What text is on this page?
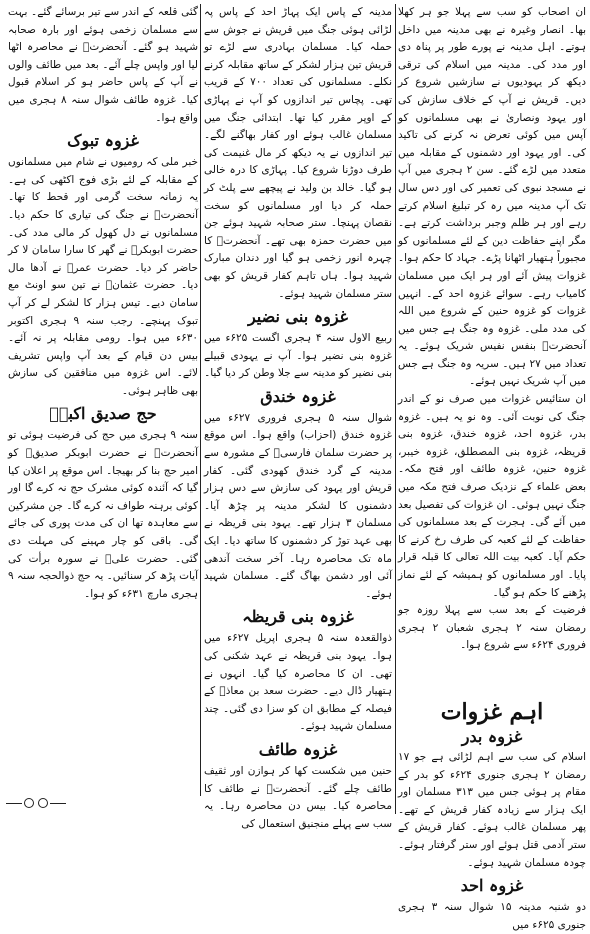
ان اصحاب کو سب سے پہلا جو ہر کھلا بھا۔ انصار وغیرہ نے بھی مدینہ میں داخل ہوتے۔ اہل مدینہ نے پورے طور پر پناہ دی اور مدد کی۔ مدینہ میں اسلام کی ترقی دیکھ کر یہودیوں نے سازشیں شروع کر دیں۔ قریش نے آپ کے خلاف سازش کی اور یہود ونصاریٰ نے بھی مسلمانوں کو آپس میں کوئی تعرض نہ کرنے کی تاکید کی۔ اور یہود اور دشمنوں کے مقابلہ میں متعدد میں لڑے گئے۔ سن ۲ ہجری میں آپ نے مسجد نبوی کی تعمیر کی اور دس سال تک آپ مدینہ میں رہ کر تبلیغ اسلام کرتے رہے اور ہر ظلم وجبر برداشت کرتے ہے۔ مگر اپنے حفاظت دین کے لئے مسلمانوں کو مجبوراً ہتھیار اٹھانا پڑے۔ جہاد کا حکم ہوا۔ غزوات پیش آئے اور ہر ایک میں مسلمان کامیاب رہے۔ سوائے غزوہ احد کے۔ انہیں غزوات کو غزوہ حنین کے شروع میں اللہ کی مدد ملی۔ غزوہ وہ جنگ ہے جس میں آنحضرتؐ بنفس نفیس شریک ہوئے۔ یہ تعداد میں ۲۷ ہیں۔ سریہ وہ جنگ ہے جس میں آپ شریک نہیں ہوئے۔

ان ستائیس غزوات میں صرف نو کے اندر جنگ کی نوبت آئی۔ وہ نو یہ ہیں۔ غزوہ بدر، غزوہ احد، غزوہ خندق، غزوہ بنی قریظہ، غزوہ بنی المصطلق، غزوہ خیبر، غزوہ حنین، غزوہ طائف اور فتح مکہ۔ بعض علماء کے نزدیک صرف فتح مکہ میں جنگ نہیں ہوئی۔ ان غزوات کی تفصیل بعد میں آئے گی۔ ہجرت کے بعد مسلمانوں کی حفاظت کے لئے کعبہ کی طرف رخ کرنے کا حکم آیا۔ کعبہ بیت اللہ تعالی کا قبلہ قرار پایا۔ اور مسلمانوں کو ہمیشہ کے لئے نماز پڑھنے کا حکم ہو گیا۔

فرضیت کے بعد سب سے پہلا روزہ جو رمضان سنہ ۲ ہجری شعبان ۲ ہجری فروری ۶۲۴ء سے شروع ہوا۔

اہم غزوات
غزوہ بدر

اسلام کی سب سے اہم لڑائی ہے جو ۱۷ رمضان ۲ ہجری جنوری ۶۲۴ء کو بدر کے مقام پر ہوئی جس میں ۳۱۳ مسلمان اور ایک ہزار سے زیادہ کفار قریش کے تھے۔ پھر مسلمان غالب ہوئے۔ کفار قریش کے ستر آدمی قتل ہوئے اور ستر گرفتار ہوئے۔ چودہ مسلمان شہید ہوئے۔

غزوہ احد

دو شنبہ مدینہ ۱۵ شوال سنہ ۳ ہجری جنوری ۶۲۵ء میں

مدینہ کے پاس ایک پہاڑ احد کے پاس پہ لڑائی ہوئی جنگ میں قریش نے جوش سے حملہ کیا۔ مسلمان بہادری سے لڑے تو قریش تین ہزار لشکر کے ساتھ مقابلہ کرنے نکلے۔ مسلمانوں کی تعداد ۷۰۰ کے قریب تھی۔ پچاس تیر اندازوں کو آپ نے پہاڑی کے اوپر مقرر کیا تھا۔ ابتدائی جنگ میں مسلمان غالب ہوئے اور کفار بھاگنے لگے۔ تیر اندازوں نے یہ دیکھ کر مال غنیمت کی طرف دوڑنا شروع کیا۔ پہاڑی کا درہ خالی ہو گیا۔ خالد بن ولید نے پیچھے سے پلٹ کر حملہ کر دیا اور مسلمانوں کو سخت نقصان پہنچا۔ ستر صحابہ شہید ہوئے جن میں حضرت حمزہ بھی تھے۔ آنحضرتؐ کا چہرہ انور زخمی ہو گیا اور دندان مبارک شہید ہوا۔ ہاں تاہم کفار قریش کو بھی ستر مسلمان شہید ہوئے۔

غزوہ بنی نضیر

ربیع الاول سنہ ۴ ہجری اگست ۶۲۵ء میں غزوہ بنی نضیر ہوا۔ آپ نے یہودی قبیلے بنی نضیر کو مدینہ سے جلا وطن کر دیا گیا۔

غزوہ خندق

شوال سنہ ۵ ہجری فروری ۶۲۷ء میں غزوہ خندق (احزاب) واقع ہوا۔ اس موقع پر حضرت سلمان فارسیؓ کے مشورہ سے مدینہ کے گرد خندق کھودی گئی۔ کفار قریش اور یہود کی سازش سے دس ہزار دشمنوں کا لشکر مدینہ پر چڑھ آیا۔ مسلمان ۳ ہزار تھے۔ یہود بنی قریظہ نے بھی عہد توڑ کر دشمنوں کا ساتھ دیا۔ ایک ماہ تک محاصرہ رہا۔ آخر سخت آندھی آئی اور دشمن بھاگ گئے۔ مسلمان شہید ہوئے۔

غزوہ بنی قریظہ

ذوالقعدہ سنہ ۵ ہجری اپریل ۶۲۷ء میں ہوا۔ یہود بنی قریظہ نے عہد شکنی کی تھی۔ ان کا محاصرہ کیا گیا۔ انہوں نے ہتھیار ڈال دیے۔ حضرت سعد بن معاذؓ کے فیصلہ کے مطابق ان کو سزا دی گئی۔ چند مسلمان شہید ہوئے۔

غزوہ طائف

حنین میں شکست کھا کر ہوازن اور ثقیف طائف چلے گئے۔ آنحضرتؐ نے طائف کا محاصرہ کیا۔ بیس دن محاصرہ رہا۔ یہ سب سے پہلے منجنیق استعمال کی

گئی قلعہ کے اندر سے تیر برسائے گئے۔ بہت سے مسلمان زخمی ہوئے اور بارہ صحابہ شہید ہو گئے۔ آنحضرتؐ نے محاصرہ اٹھا لیا اور واپس چلے آئے۔ بعد میں طائف والوں نے آپ کے پاس حاضر ہو کر اسلام قبول کیا۔ غزوہ طائف شوال سنہ ۸ ہجری میں واقع ہوا۔

غزوہ تبوک

خبر ملی کہ رومیوں نے شام میں مسلمانوں کے مقابلہ کے لئے بڑی فوج اکٹھی کی ہے۔ یہ زمانہ سخت گرمی اور قحط کا تھا۔ آنحضرتؐ نے جنگ کی تیاری کا حکم دیا۔ مسلمانوں نے دل کھول کر مالی مدد کی۔ حضرت ابوبکرؓ نے گھر کا سارا سامان لا کر حاضر کر دیا۔ حضرت عمرؓ نے آدھا مال دیا۔ حضرت عثمانؓ نے تین سو اونٹ مع سامان دیے۔ تیس ہزار کا لشکر لے کر آپ تبوک پہنچے۔ رجب سنہ ۹ ہجری اکتوبر ۶۳۰ء میں ہوا۔ رومی مقابلہ پر نہ آئے۔ بیس دن قیام کے بعد آپ واپس تشریف لائے۔ اس غزوہ میں منافقین کی سازش بھی ظاہر ہوئی۔

حج صدیق اکبرؓ

سنہ ۹ ہجری میں حج کی فرضیت ہوئی تو آنحضرتؐ نے حضرت ابوبکر صدیقؓ کو امیر حج بنا کر بھیجا۔ اس موقع پر اعلان کیا گیا کہ آئندہ کوئی مشرک حج نہ کرے گا اور کوئی برہنہ طواف نہ کرے گا۔ جن مشرکین سے معاہدہ تھا ان کی مدت پوری کی جائے گی۔ باقی کو چار مہینے کی مہلت دی گئی۔ حضرت علیؓ نے سورہ برأت کی آیات پڑھ کر سنائیں۔ یہ حج ذوالحجہ سنہ ۹ ہجری مارچ ۶۳۱ء کو ہوا۔
